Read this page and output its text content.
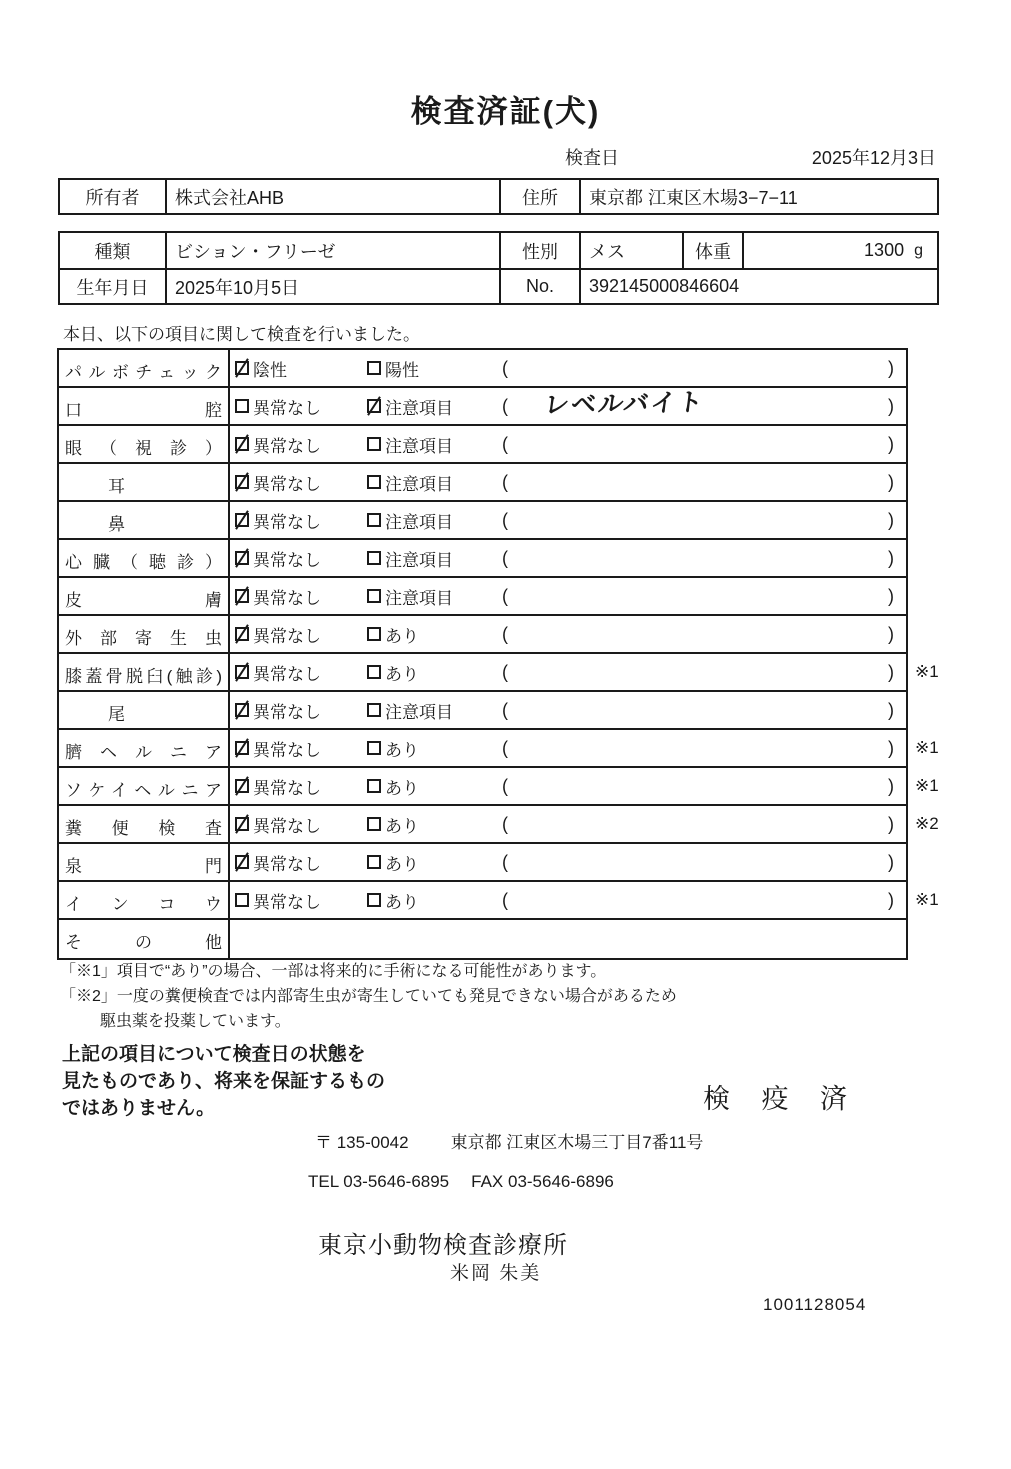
検査済証(犬)
検査日	2025年12月3日
所有者	株式会社AHB	住所	東京都 江東区木場3−7−11
種類	ビション・フリーゼ	性別	メス	体重	1300 g
生年月日	2025年10月5日	No.	392145000846604

本日、以下の項目に関して検査を行いました。

パルボチェック	陰性	陽性	(	)
口腔	異常なし	注意項目	(	レベルバイト	)
眼（視診）	異常なし	注意項目	(	)
耳	異常なし	注意項目	(	)
鼻	異常なし	注意項目	(	)
心臓（聴診）	異常なし	注意項目	(	)
皮膚	異常なし	注意項目	(	)
外部寄生虫	異常なし	あり	(	)
膝蓋骨脱臼(触診)	異常なし	あり	(	) ※1
尾	異常なし	注意項目	(	)
臍ヘルニア	異常なし	あり	(	) ※1
ソケイヘルニア	異常なし	あり	(	) ※1
糞便検査	異常なし	あり	(	) ※2
泉門	異常なし	あり	(	)
インコウ	異常なし	あり	(	) ※1
その他

「※1」項目で“あり”の場合、一部は将来的に手術になる可能性があります。

「※2」一度の糞便検査では内部寄生虫が寄生していても発見できない場合があるため

駆虫薬を投薬しています。

上記の項目について検査日の状態を

見たものであり、将来を保証するもの

ではありません。	検 疫 済
〒 135-0042 東京都 江東区木場三丁目7番11号
TEL 03-5646-6895 FAX 03-5646-6896
東京小動物検査診療所
米岡 朱美
1001128054
